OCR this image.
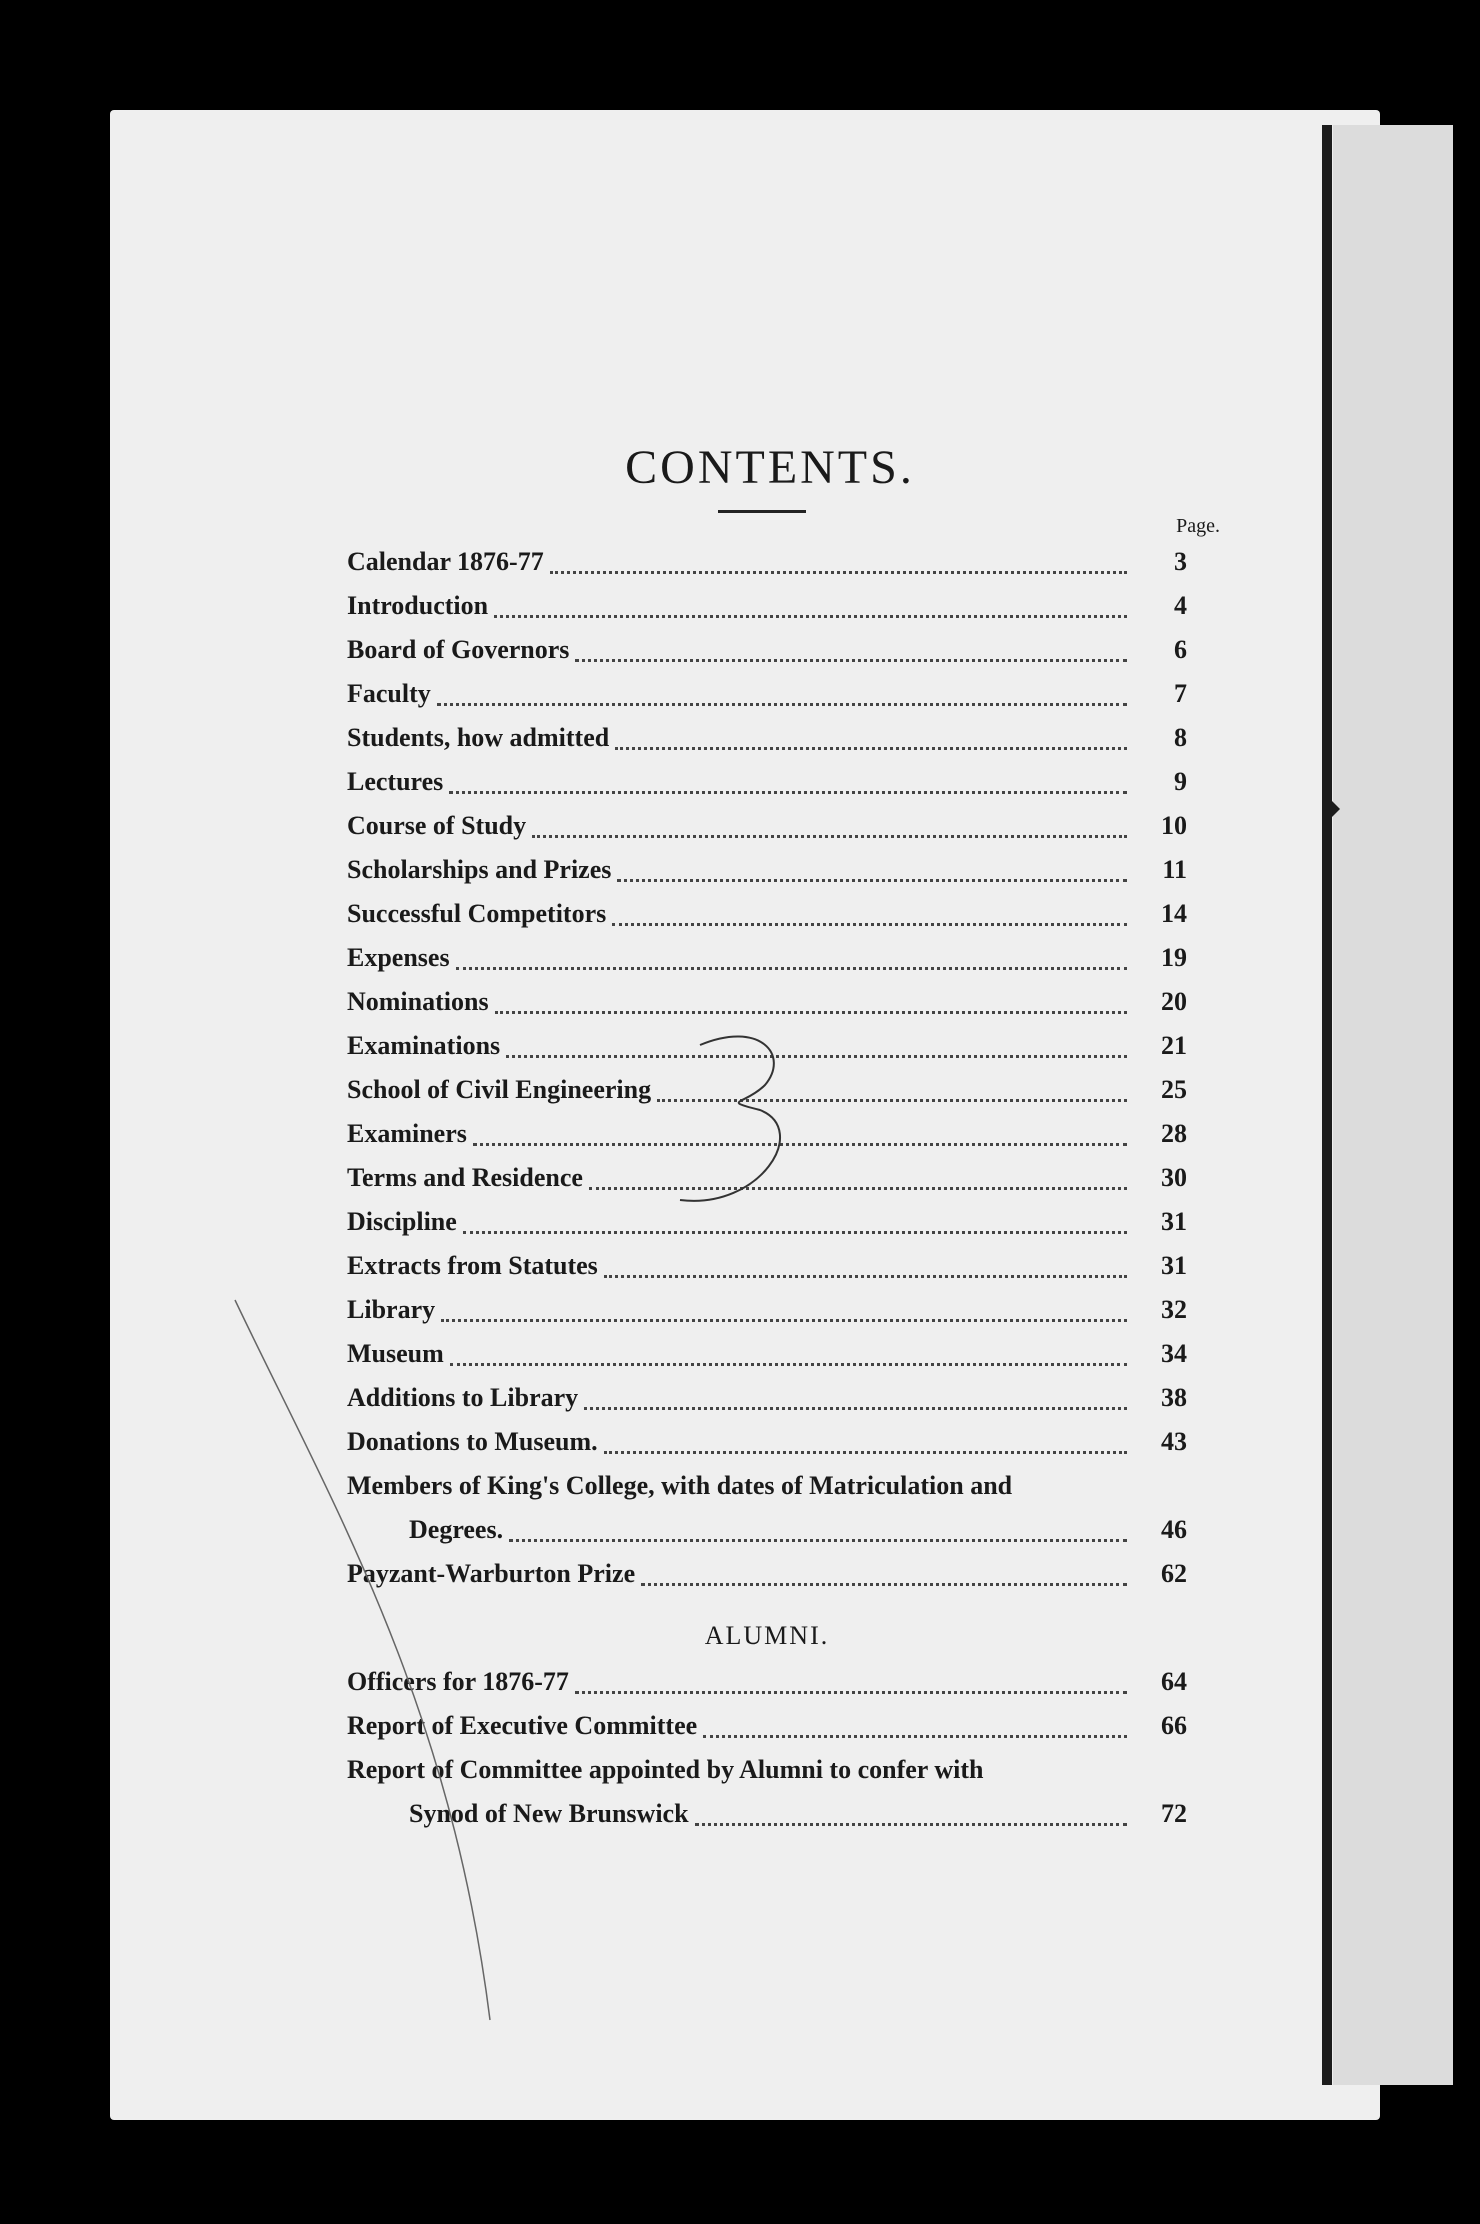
CONTENTS.
Page.
Calendar 1876-77	3
Introduction	4
Board of Governors	6
Faculty	7
Students, how admitted	8
Lectures	9
Course of Study	10
Scholarships and Prizes	11
Successful Competitors	14
Expenses	19
Nominations	20
Examinations	21
School of Civil Engineering	25
Examiners	28
Terms and Residence	30
Discipline	31
Extracts from Statutes	31
Library	32
Museum	34
Additions to Library	38
Donations to Museum.	43
Members of King's College, with dates of Matriculation and
Degrees.	46
Payzant-Warburton Prize	62
ALUMNI.
Officers for 1876-77	64
Report of Executive Committee	66
Report of Committee appointed by Alumni to confer with
Synod of New Brunswick	72
